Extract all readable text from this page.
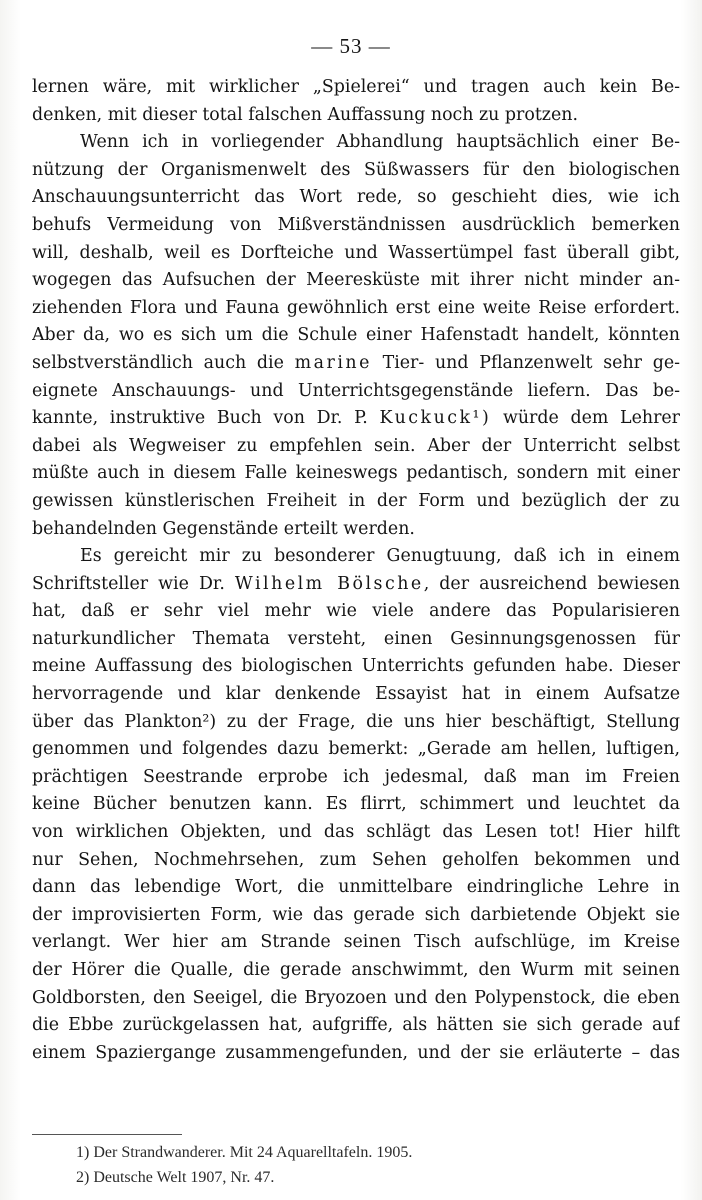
— 53 —
lernen wäre, mit wirklicher „Spielerei“ und tragen auch kein Be-
denken, mit dieser total falschen Auffassung noch zu protzen.
Wenn ich in vorliegender Abhandlung hauptsächlich einer Be-
nützung der Organismenwelt des Süßwassers für den biologischen
Anschauungsunterricht das Wort rede, so geschieht dies, wie ich
behufs Vermeidung von Mißverständnissen ausdrücklich bemerken
will, deshalb, weil es Dorfteiche und Wassertümpel fast überall gibt,
wogegen das Aufsuchen der Meeresküste mit ihrer nicht minder an-
ziehenden Flora und Fauna gewöhnlich erst eine weite Reise erfordert.
Aber da, wo es sich um die Schule einer Hafenstadt handelt, könnten
selbstverständlich auch die marine Tier- und Pflanzenwelt sehr ge-
eignete Anschauungs- und Unterrichtsgegenstände liefern. Das be-
kannte, instruktive Buch von Dr. P. Kuckuck¹) würde dem Lehrer
dabei als Wegweiser zu empfehlen sein. Aber der Unterricht selbst
müßte auch in diesem Falle keineswegs pedantisch, sondern mit einer
gewissen künstlerischen Freiheit in der Form und bezüglich der zu
behandelnden Gegenstände erteilt werden.
Es gereicht mir zu besonderer Genugtuung, daß ich in einem
Schriftsteller wie Dr. Wilhelm Bölsche, der ausreichend bewiesen
hat, daß er sehr viel mehr wie viele andere das Popularisieren
naturkundlicher Themata versteht, einen Gesinnungsgenossen für
meine Auffassung des biologischen Unterrichts gefunden habe. Dieser
hervorragende und klar denkende Essayist hat in einem Aufsatze
über das Plankton²) zu der Frage, die uns hier beschäftigt, Stellung
genommen und folgendes dazu bemerkt: „Gerade am hellen, luftigen,
prächtigen Seestrande erprobe ich jedesmal, daß man im Freien
keine Bücher benutzen kann. Es flirrt, schimmert und leuchtet da
von wirklichen Objekten, und das schlägt das Lesen tot! Hier hilft
nur Sehen, Nochmehrsehen, zum Sehen geholfen bekommen und
dann das lebendige Wort, die unmittelbare eindringliche Lehre in
der improvisierten Form, wie das gerade sich darbietende Objekt sie
verlangt. Wer hier am Strande seinen Tisch aufschlüge, im Kreise
der Hörer die Qualle, die gerade anschwimmt, den Wurm mit seinen
Goldborsten, den Seeigel, die Bryozoen und den Polypenstock, die eben
die Ebbe zurückgelassen hat, aufgriffe, als hätten sie sich gerade auf
einem Spaziergange zusammengefunden, und der sie erläuterte – das
1) Der Strandwanderer. Mit 24 Aquarelltafeln. 1905.
2) Deutsche Welt 1907, Nr. 47.
